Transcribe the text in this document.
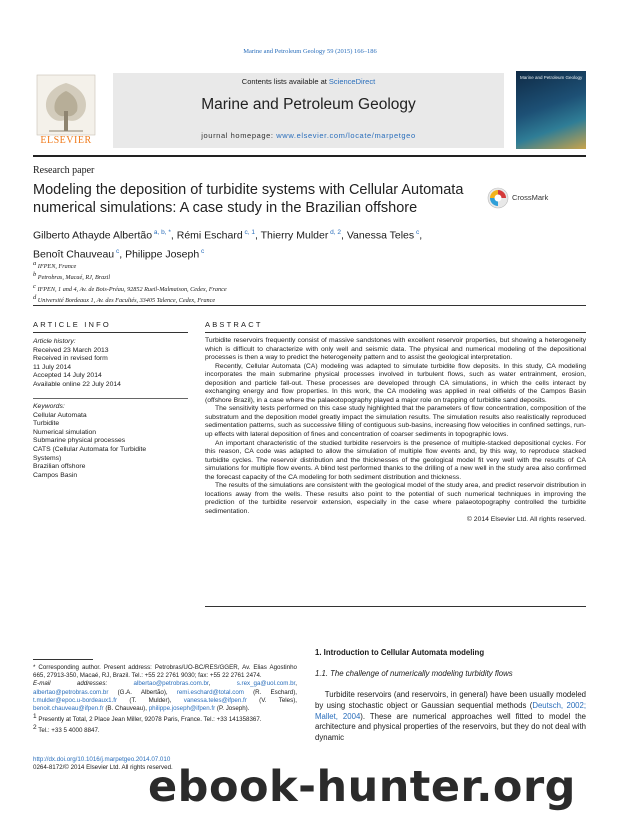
Marine and Petroleum Geology 59 (2015) 166–186
ELSEVIER
Contents lists available at ScienceDirect
Marine and Petroleum Geology
journal homepage: www.elsevier.com/locate/marpetgeo
Marine and Petroleum Geology
Research paper
Modeling the deposition of turbidite systems with Cellular Automata numerical simulations: A case study in the Brazilian offshore
CrossMark
Gilberto Athayde Albertão $^{a, b, *}$, Rémi Eschard $^{c, 1}$, Thierry Mulder $^{d, 2}$, Vanessa Teles $^c$,
Benoît Chauveau $^c$, Philippe Joseph $^c$
$^a$ IFPEN, France
$^b$ Petrobras, Macaé, RJ, Brazil
$^c$ IFPEN, 1 and 4, Av. de Bois-Préau, 92852 Rueil-Malmaison, Cedex, France
$^d$ Université Bordeaux 1, Av. des Facultés, 33405 Talence, Cedex, France
ARTICLE INFO	ABSTRACT
Article history:
Received 23 March 2013
Received in revised form
11 July 2014
Accepted 14 July 2014
Available online 22 July 2014
Keywords:
Cellular Automata
Turbidite
Numerical simulation
Submarine physical processes
CATS (Cellular Automata for Turbidite
Systems)
Brazilian offshore
Campos Basin

Turbidite reservoirs frequently consist of massive sandstones with excellent reservoir properties, but showing a heterogeneity which is difficult to characterize with only well and seismic data. The physical and numerical modeling of the depositional processes is then a way to predict the heterogeneity pattern and to assist the geological interpretation.

Recently, Cellular Automata (CA) modeling was adapted to simulate turbidite flow deposits. In this study, CA modeling incorporates the main submarine physical processes involved in turbulent flows, such as water entrainment, erosion, deposition and particle fall-out. These processes are developed through CA simulations, in which the cells interact by exchanging energy and flow properties. In this work, the CA modeling was applied in real oilfields of the Campos Basin (offshore Brazil), in a case where the palaeotopography played a major role on trapping of turbidite sand deposits.

The sensitivity tests performed on this case study highlighted that the parameters of flow concentration, composition of the substratum and the deposition model greatly impact the simulation results. The simulation results also realistically reproduced sedimentation patterns, such as successive filling of contiguous sub-basins, increasing flow velocities in confined settings, run-up effects with lateral deposition of fines and concentration of coarser sediments in topographic lows.

An important characteristic of the studied turbidite reservoirs is the presence of multiple-stacked depositional cycles. For this reason, CA code was adapted to allow the simulation of multiple flow events and, by this way, to reproduce stacked turbidite cycles. The reservoir distribution and the thicknesses of the geological model fit very well with the results of CA simulations for multiple flow events. A blind test performed thanks to the drilling of a new well in the study area also confirmed the forecast capacity of the CA modeling for both sediment distribution and thickness.

The results of the simulations are consistent with the geological model of the study area, and predict reservoir distribution in locations away from the wells. These results also point to the potential of such numerical techniques in improving the prediction of the turbidite reservoir extension, especially in the case where palaeotopography controlled the turbidite sedimentation.

© 2014 Elsevier Ltd. All rights reserved.
* Corresponding author. Present address: Petrobras/UO-BC/RES/GGER, Av. Elias Agostinho 665, 27913-350, Macaé, RJ, Brazil. Tel.: +55 22 2761 9030; fax: +55 22 2761 2474.
E-mail addresses: albertao@petrobras.com.br, s.rex_ga@uol.com.br, albertao@petrobras.com.br (G.A. Albertão), remi.eschard@total.com (R. Eschard), t.mulder@epoc.u-bordeaux1.fr (T. Mulder), vanessa.teles@ifpen.fr (V. Teles), benoit.chauveau@ifpen.fr (B. Chauveau), philippe.joseph@ifpen.fr (P. Joseph).
$^1$ Presently at Total, 2 Place Jean Miller, 92078 Paris, France. Tel.: +33 141358367.
$^2$ Tel.: +33 5 4000 8847.
http://dx.doi.org/10.1016/j.marpetgeo.2014.07.010
0264-8172/© 2014 Elsevier Ltd. All rights reserved.
1. Introduction to Cellular Automata modeling
1.1. The challenge of numerically modeling turbidity flows
Turbidite reservoirs (and reservoirs, in general) have been usually modeled by using stochastic object or Gaussian sequential methods (Deutsch, 2002; Mallet, 2004). These are numerical approaches well fitted to model the architecture and physical properties of the reservoirs, but they do not deal with dynamic
ebook-hunter.org
